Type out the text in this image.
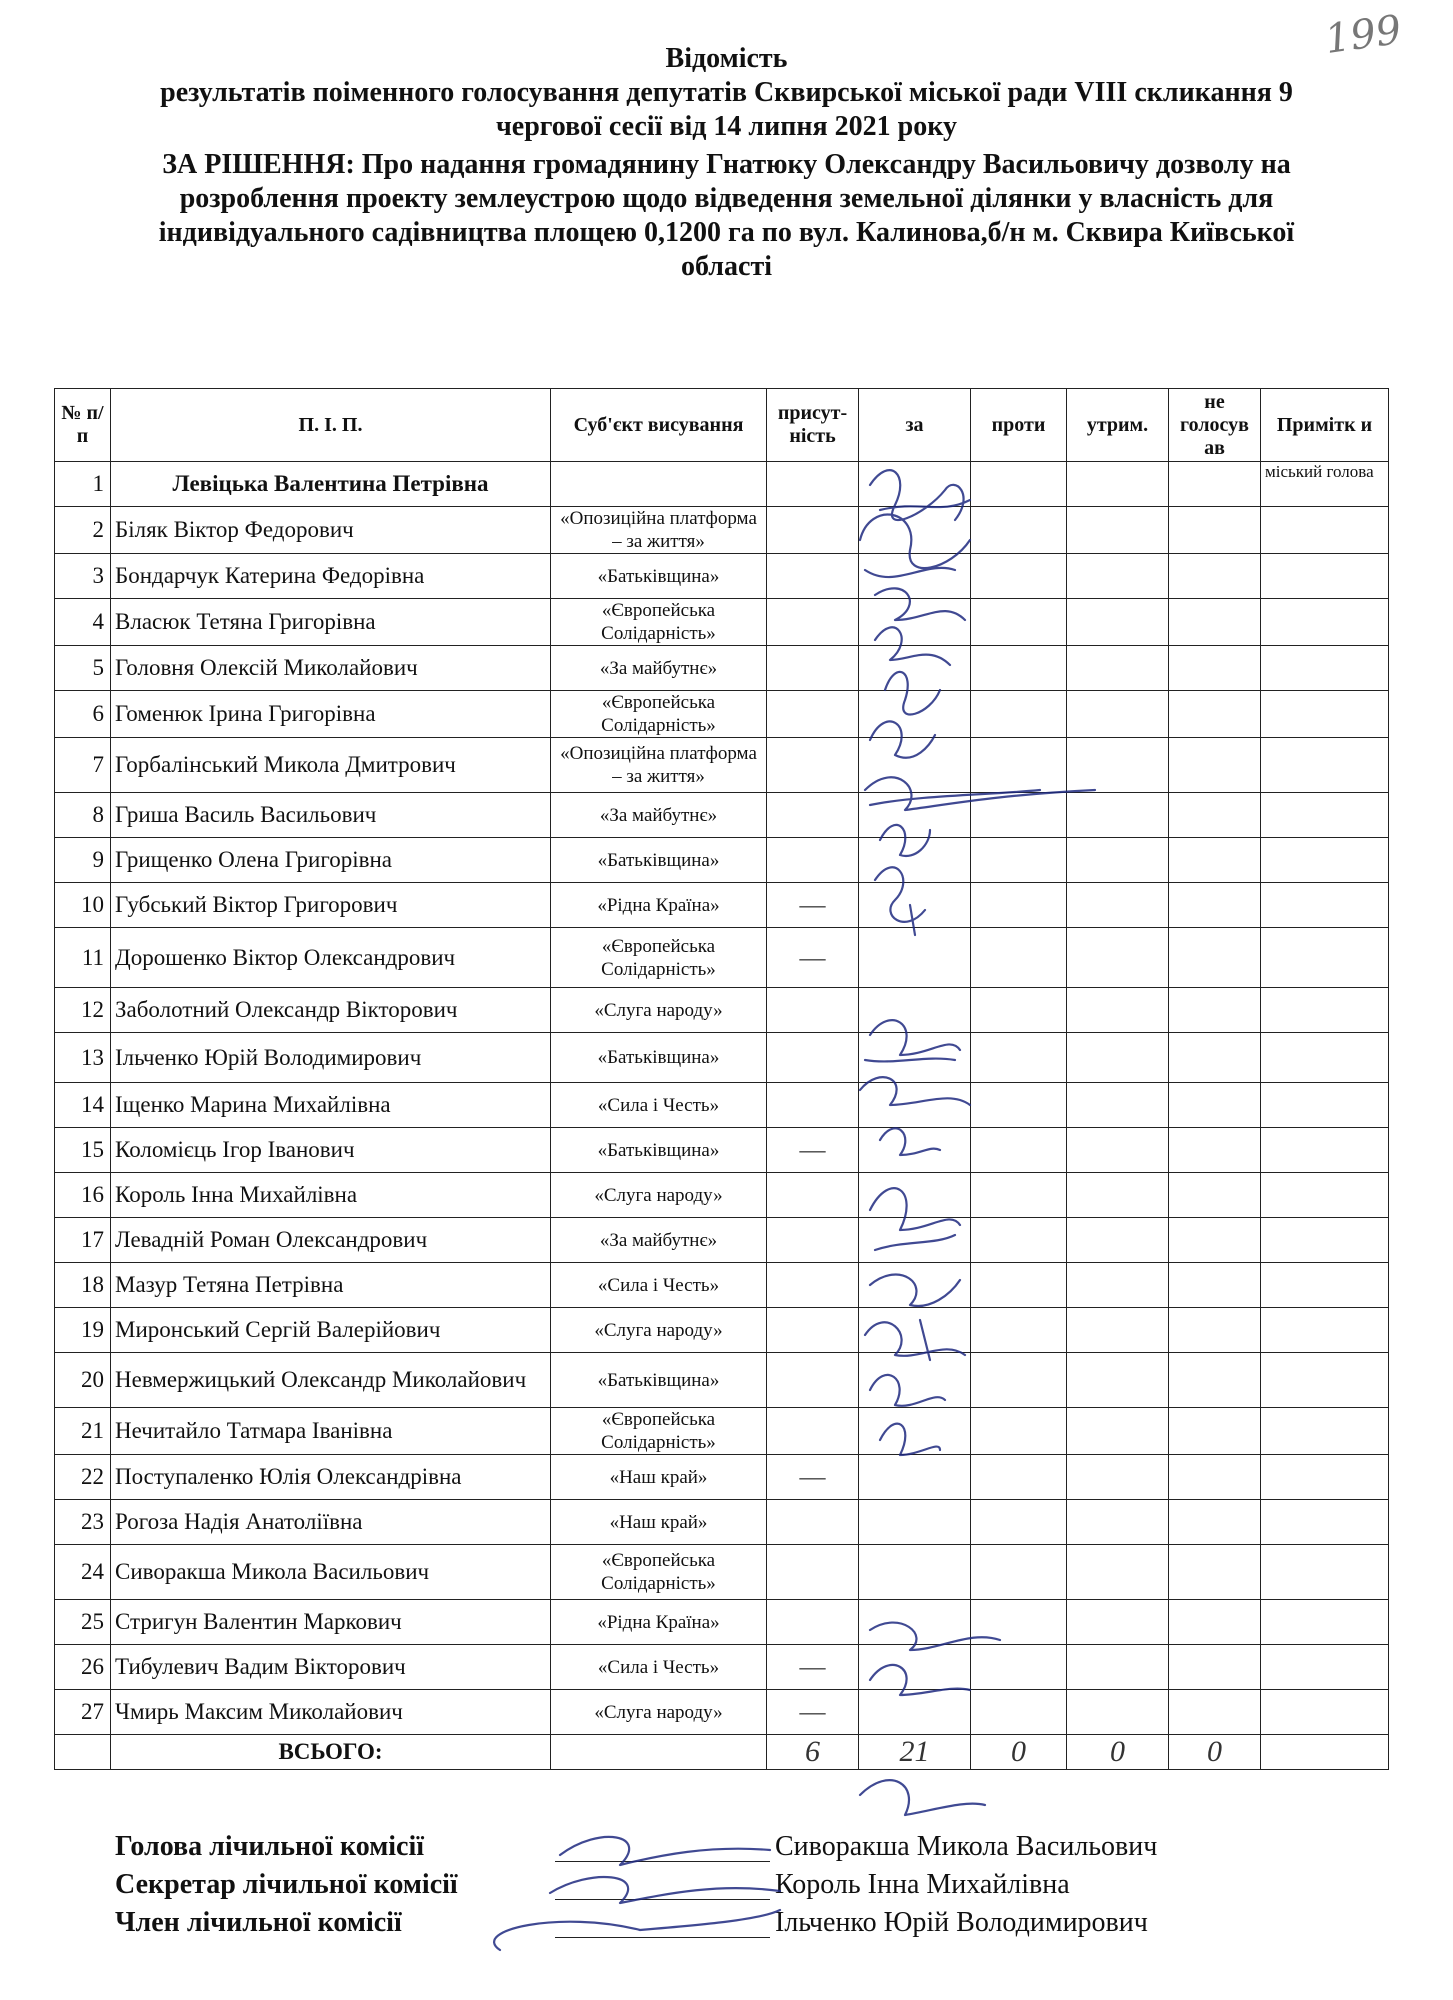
199
Відомість
результатів поіменного голосування депутатів Сквирської міської ради VIII скликання 9
чергової сесії від 14 липня 2021 року
ЗА РІШЕННЯ: Про надання громадянину Гнатюку Олександру Васильовичу дозволу на
розроблення проекту землеустрою щодо відведення земельної ділянки у власність для
індивідуального садівництва площею 0,1200 га по вул. Калинова,б/н м. Сквира Київської
області
№ п/п	П. І. П.	Суб'єкт висування	присут-ність	за	проти	утрим.	не голосув ав	Примітк и
1	Левіцька Валентина Петрівна							міський голова
2	Біляк Віктор Федорович	«Опозиційна платформа – за життя»						
3	Бондарчук Катерина Федорівна	«Батьківщина»						
4	Власюк Тетяна Григорівна	«Європейська Солідарність»						
5	Головня Олексій Миколайович	«За майбутнє»						
6	Гоменюк Ірина Григорівна	«Європейська Солідарність»						
7	Горбалінський Микола Дмитрович	«Опозиційна платформа – за життя»						
8	Гриша Василь Васильович	«За майбутнє»						
9	Грищенко Олена Григорівна	«Батьківщина»						
10	Губський Віктор Григорович	«Рідна Країна»	—					
11	Дорошенко Віктор Олександрович	«Європейська Солідарність»	—					
12	Заболотний Олександр Вікторович	«Слуга народу»						
13	Ільченко Юрій Володимирович	«Батьківщина»						
14	Іщенко Марина Михайлівна	«Сила і Честь»						
15	Коломієць Ігор Іванович	«Батьківщина»	—					
16	Король Інна Михайлівна	«Слуга народу»						
17	Левадній Роман Олександрович	«За майбутнє»						
18	Мазур Тетяна Петрівна	«Сила і Честь»						
19	Миронський Сергій Валерійович	«Слуга народу»						
20	Невмержицький Олександр Миколайович	«Батьківщина»						
21	Нечитайло Татмара Іванівна	«Європейська Солідарність»						
22	Поступаленко Юлія Олександрівна	«Наш край»	—					
23	Рогоза Надія Анатоліївна	«Наш край»						
24	Сиворакша Микола Васильович	«Європейська Солідарність»						
25	Стригун Валентин Маркович	«Рідна Країна»						
26	Тибулевич Вадим Вікторович	«Сила і Честь»	—					
27	Чмирь Максим Миколайович	«Слуга народу»	—					
	ВСЬОГО:		6	21	0	0	0	
Голова лічильної комісії	Сиворакша Микола Васильович
Секретар лічильної комісії	Король Інна Михайлівна
Член лічильної комісії	Ільченко Юрій Володимирович
